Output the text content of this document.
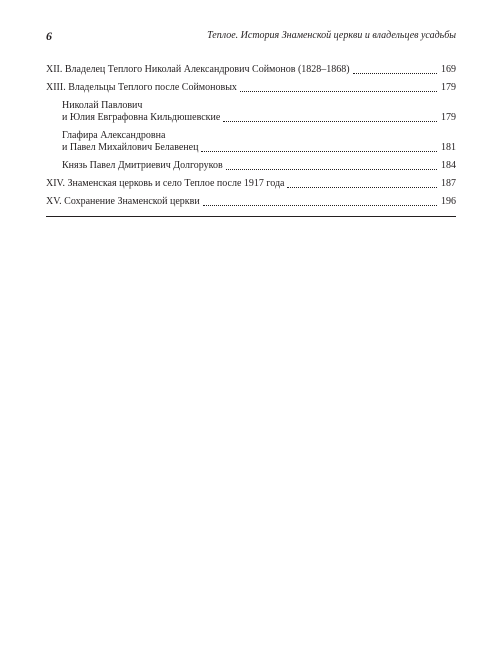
6	Теплое. История Знаменской церкви и владельцев усадьбы
XII. Владелец Теплого Николай Александрович Соймонов (1828–1868)	169
XIII. Владельцы Теплого после Соймоновых	179
Николай Павлович
и Юлия Евграфовна Кильдюшевские	179
Глафира Александровна
и Павел Михайлович Белавенец	181
Князь Павел Дмитриевич Долгоруков	184
XIV. Знаменская церковь и село Теплое после 1917 года	187
XV. Сохранение Знаменской церкви	196
